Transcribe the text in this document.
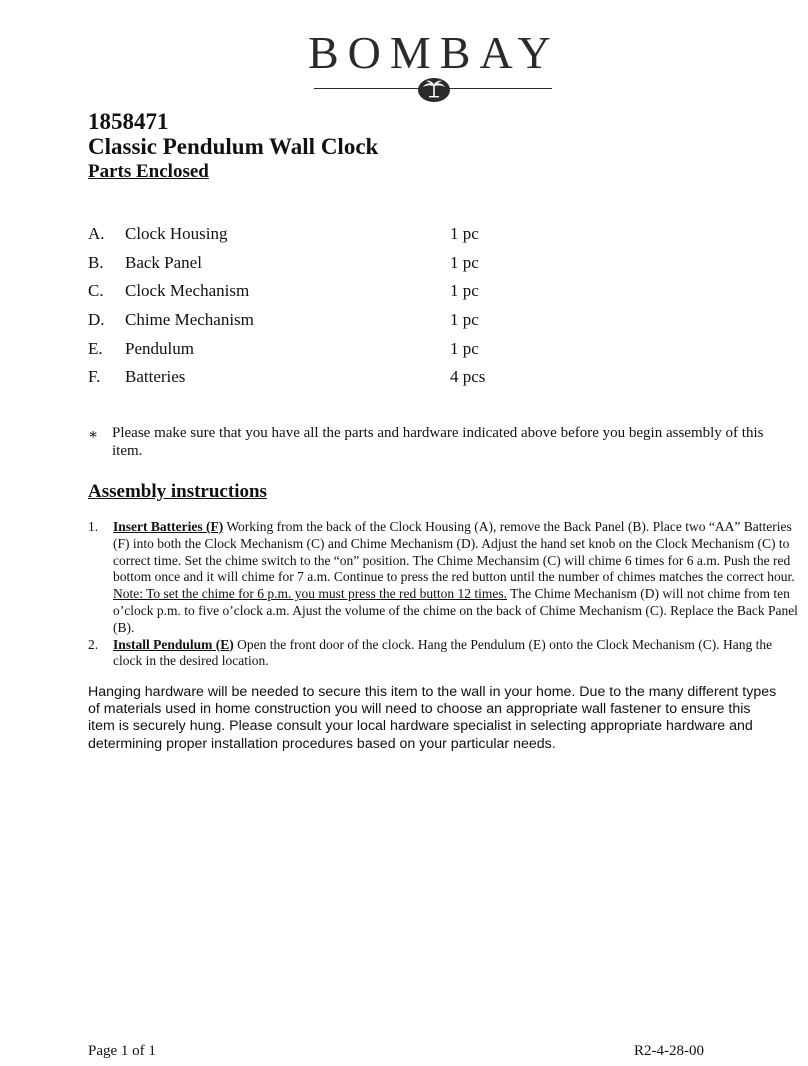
BOMBAY
1858471
Classic Pendulum Wall Clock
Parts Enclosed
A. Clock Housing	1 pc
B. Back Panel	1 pc
C. Clock Mechanism	1 pc
D. Chime Mechanism	1 pc
E. Pendulum	1 pc
F. Batteries	4 pcs
∗ Please make sure that you have all the parts and hardware indicated above before you begin assembly of this item.
Assembly instructions
1. Insert Batteries (F) Working from the back of the Clock Housing (A), remove the Back Panel (B). Place two “AA” Batteries (F) into both the Clock Mechanism (C) and Chime Mechanism (D). Adjust the hand set knob on the Clock Mechanism (C) to correct time. Set the chime switch to the “on” position. The Chime Mechansim (C) will chime 6 times for 6 a.m. Push the red bottom once and it will chime for 7 a.m. Continue to press the red button until the number of chimes matches the correct hour. Note: To set the chime for 6 p.m. you must press the red button 12 times. The Chime Mechanism (D) will not chime from ten o’clock p.m. to five o’clock a.m. Ajust the volume of the chime on the back of Chime Mechanism (C). Replace the Back Panel (B).
2. Install Pendulum (E) Open the front door of the clock. Hang the Pendulum (E) onto the Clock Mechanism (C). Hang the clock in the desired location.
Hanging hardware will be needed to secure this item to the wall in your home. Due to the many different types of materials used in home construction you will need to choose an appropriate wall fastener to ensure this item is securely hung. Please consult your local hardware specialist in selecting appropriate hardware and determining proper installation procedures based on your particular needs.
Page 1 of 1	R2-4-28-00
